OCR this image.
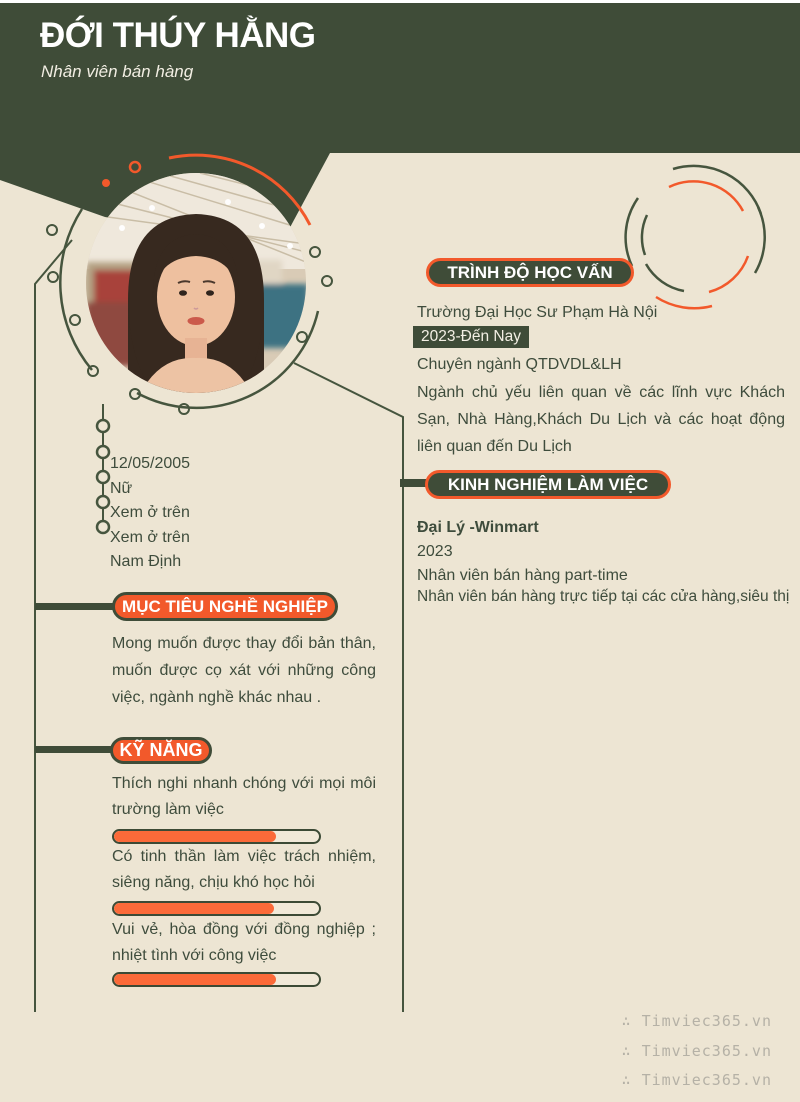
ĐỚI THÚY HẰNG
Nhân viên bán hàng
12/05/2005
Nữ
Xem ở trên
Xem ở trên
Nam Định
TRÌNH ĐỘ HỌC VẤN
Trường Đại Học Sư Phạm Hà Nội
2023-Đến Nay
Chuyên ngành QTDVDL&LH
Ngành chủ yếu liên quan về các lĩnh vực Khách Sạn, Nhà Hàng,Khách Du Lịch và các hoạt động liên quan đến Du Lịch
KINH NGHIỆM LÀM VIỆC
Đại Lý -Winmart
2023
Nhân viên bán hàng part-time
Nhân viên bán hàng trực tiếp tại các cửa hàng,siêu thị
MỤC TIÊU NGHỀ NGHIỆP
Mong muốn được thay đổi bản thân, muốn được cọ xát với những công việc, ngành nghề khác nhau .
KỸ NĂNG
Thích nghi nhanh chóng với mọi môi trường làm việc
Có tinh thần làm việc trách nhiệm, siêng năng, chịu khó học hỏi
Vui vẻ, hòa đồng với đồng nghiệp ; nhiệt tình với công việc
∴ Timviec365.vn
∴ Timviec365.vn
∴ Timviec365.vn
